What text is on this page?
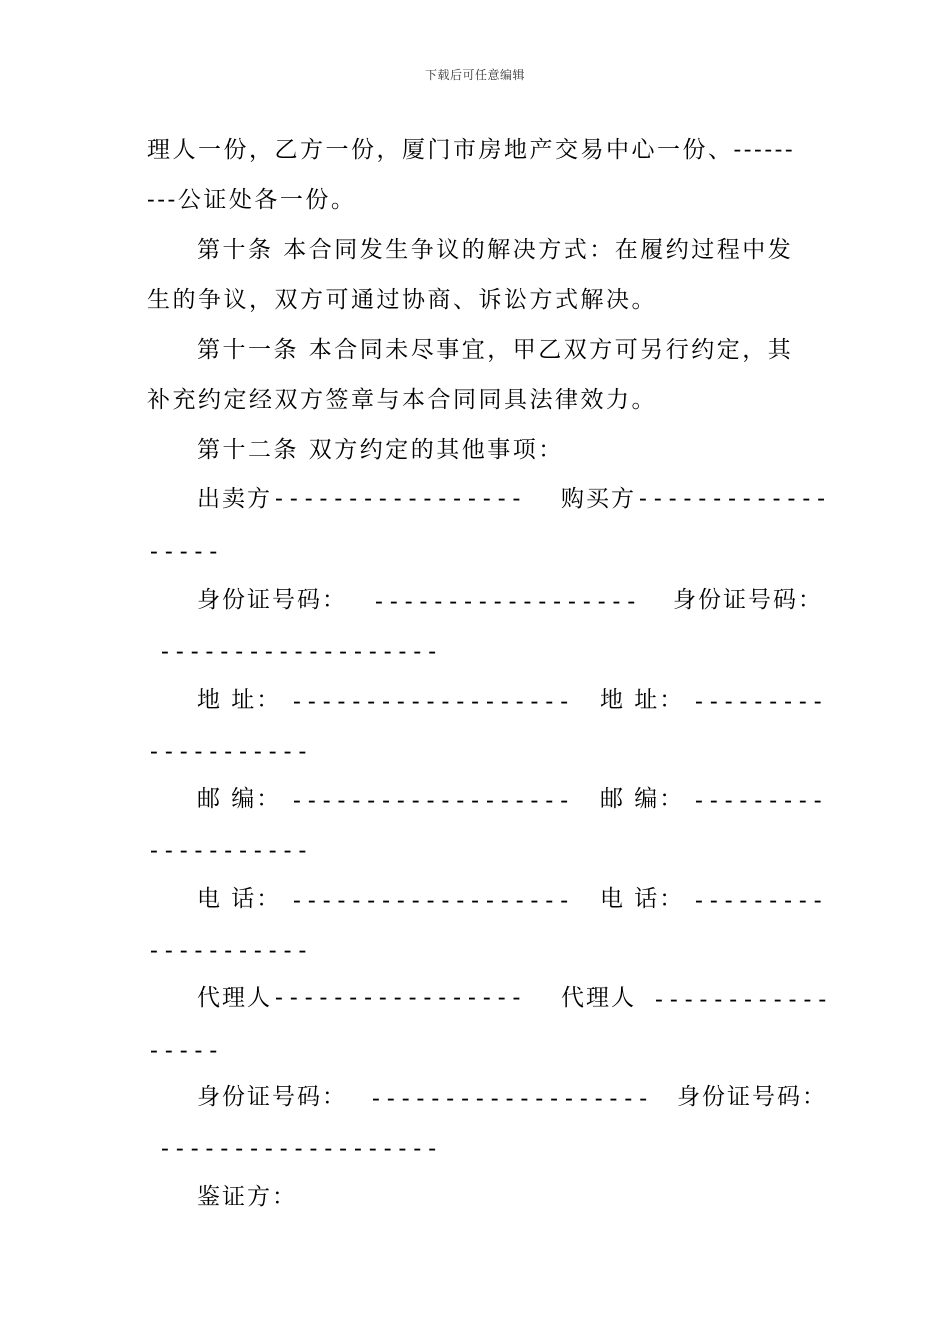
下载后可任意编辑
理人一份，乙方一份，厦门市房地产交易中心一份、------
---公证处各一份。
第十条 本合同发生争议的解决方式：在履约过程中发
生的争议，双方可通过协商、诉讼方式解决。
第十一条 本合同未尽事宜，甲乙双方可另行约定，其
补充约定经双方签章与本合同同具法律效力。
第十二条 双方约定的其他事项：
出卖方----------------- 购买方-------------
-----
身份证号码： ------------------ 身份证号码：
-------------------
地 址： ------------------- 地 址： ---------
-----------
邮 编： ------------------- 邮 编： ---------
-----------
电 话： ------------------- 电 话： ---------
-----------
代理人----------------- 代理人 ------------
-----
身份证号码： ------------------- 身份证号码：
-------------------
鉴证方：
